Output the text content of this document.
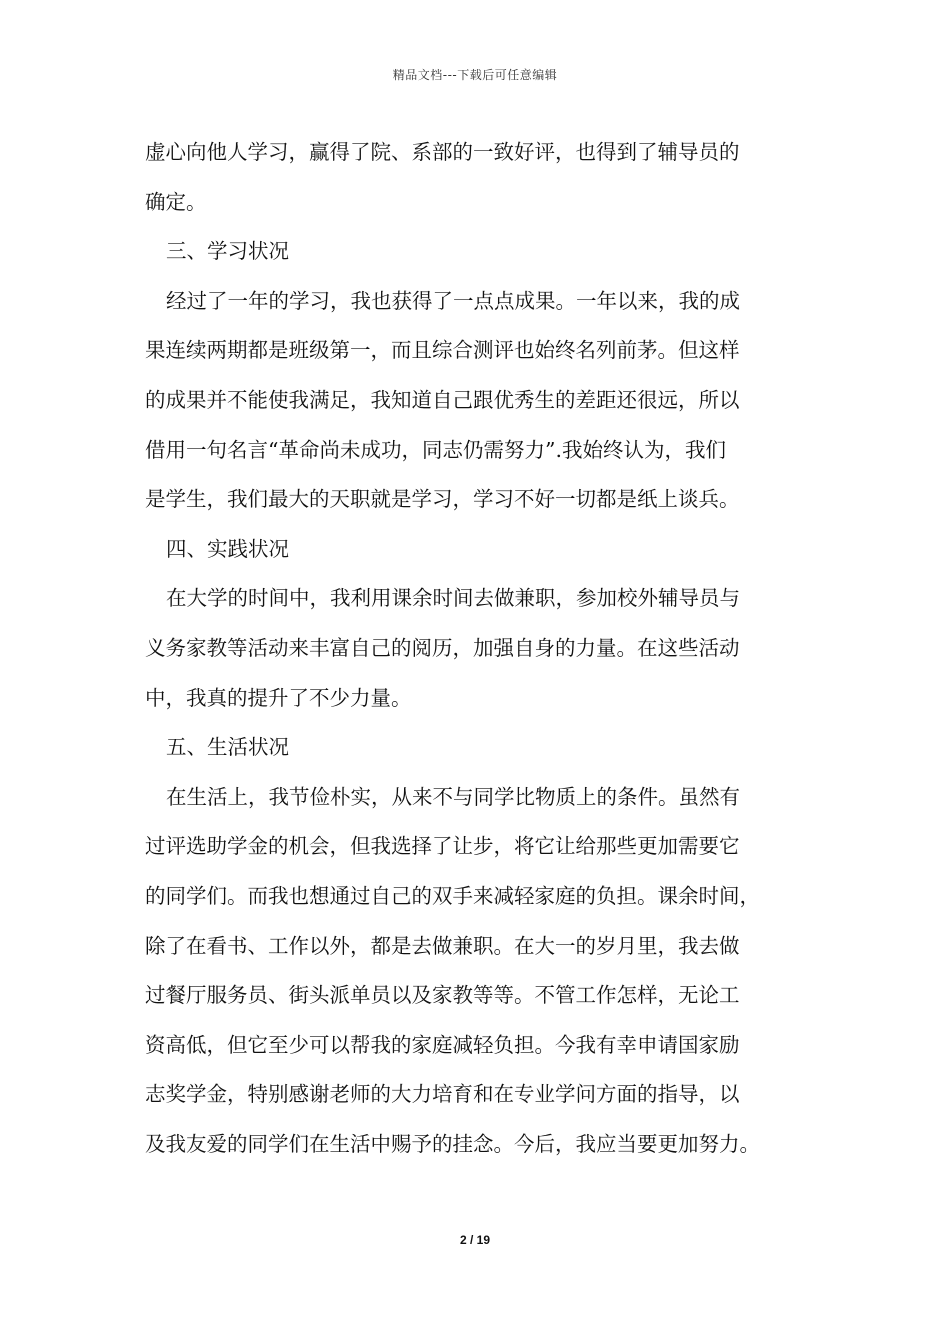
精品文档---下载后可任意编辑
虚心向他人学习，赢得了院、系部的一致好评，也得到了辅导员的
确定。
三、学习状况
经过了一年的学习，我也获得了一点点成果。一年以来，我的成
果连续两期都是班级第一，而且综合测评也始终名列前茅。但这样
的成果并不能使我满足，我知道自己跟优秀生的差距还很远，所以
借用一句名言“革命尚未成功，同志仍需努力”.我始终认为，我们
是学生，我们最大的天职就是学习，学习不好一切都是纸上谈兵。
四、实践状况
在大学的时间中，我利用课余时间去做兼职，参加校外辅导员与
义务家教等活动来丰富自己的阅历，加强自身的力量。在这些活动
中，我真的提升了不少力量。
五、生活状况
在生活上，我节俭朴实，从来不与同学比物质上的条件。虽然有
过评选助学金的机会，但我选择了让步，将它让给那些更加需要它
的同学们。而我也想通过自己的双手来减轻家庭的负担。课余时间，
除了在看书、工作以外，都是去做兼职。在大一的岁月里，我去做
过餐厅服务员、街头派单员以及家教等等。不管工作怎样，无论工
资高低，但它至少可以帮我的家庭减轻负担。今我有幸申请国家励
志奖学金，特别感谢老师的大力培育和在专业学问方面的指导，以
及我友爱的同学们在生活中赐予的挂念。今后，我应当要更加努力。
2 / 19
